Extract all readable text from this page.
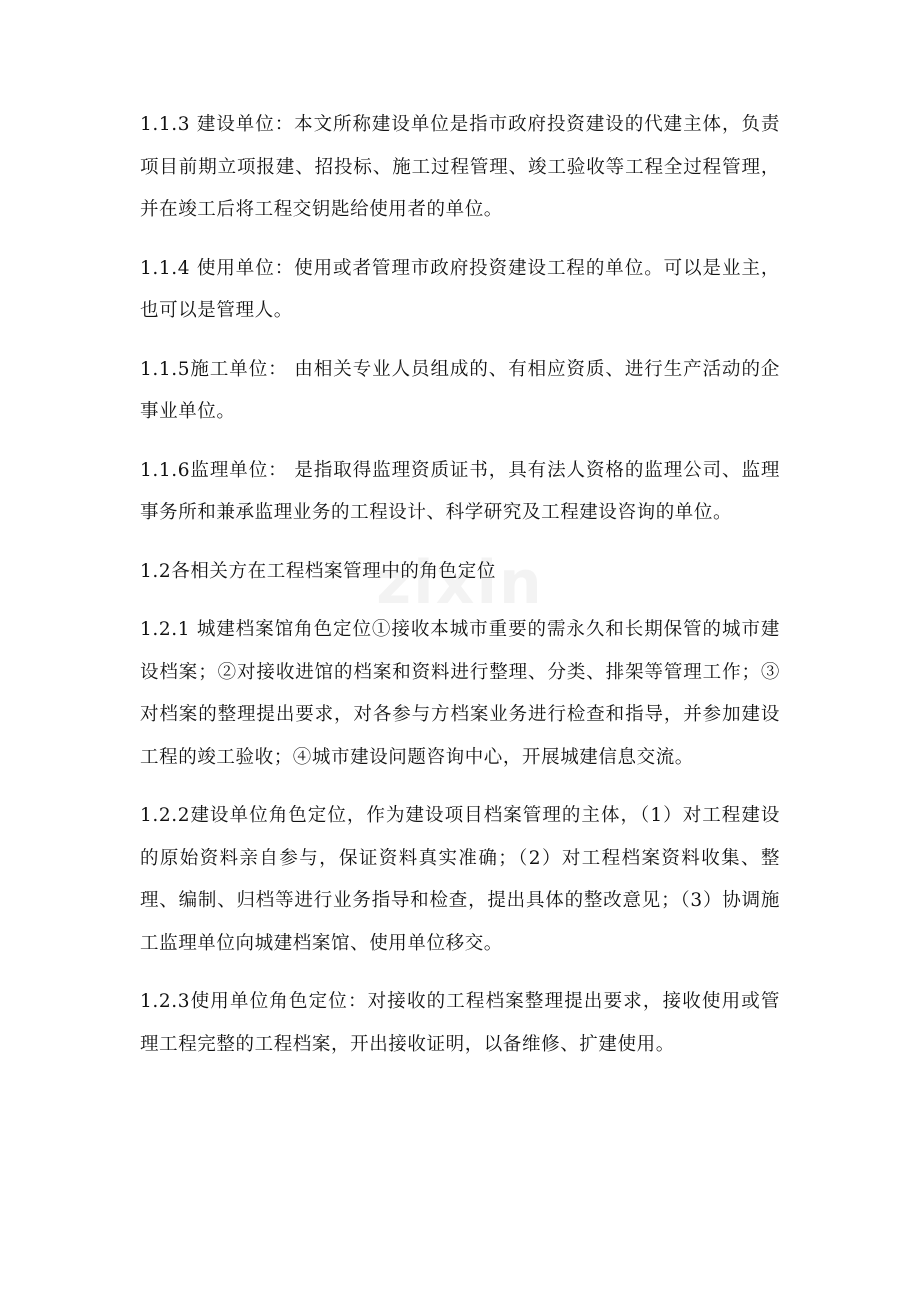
1.1.3 建设单位：本文所称建设单位是指市政府投资建设的代建主体，负责项目前期立项报建、招投标、施工过程管理、竣工验收等工程全过程管理，并在竣工后将工程交钥匙给使用者的单位。

1.1.4 使用单位：使用或者管理市政府投资建设工程的单位。可以是业主，也可以是管理人。

1.1.5施工单位： 由相关专业人员组成的、有相应资质、进行生产活动的企事业单位。

1.1.6监理单位： 是指取得监理资质证书，具有法人资格的监理公司、监理事务所和兼承监理业务的工程设计、科学研究及工程建设咨询的单位。

1.2各相关方在工程档案管理中的角色定位

1.2.1 城建档案馆角色定位①接收本城市重要的需永久和长期保管的城市建设档案；②对接收进馆的档案和资料进行整理、分类、排架等管理工作；③对档案的整理提出要求，对各参与方档案业务进行检查和指导，并参加建设工程的竣工验收；④城市建设问题咨询中心，开展城建信息交流。

1.2.2建设单位角色定位，作为建设项目档案管理的主体，（1）对工程建设的原始资料亲自参与，保证资料真实准确；（2）对工程档案资料收集、整理、编制、归档等进行业务指导和检查，提出具体的整改意见；（3）协调施工监理单位向城建档案馆、使用单位移交。

1.2.3使用单位角色定位：对接收的工程档案整理提出要求，接收使用或管理工程完整的工程档案，开出接收证明，以备维修、扩建使用。
